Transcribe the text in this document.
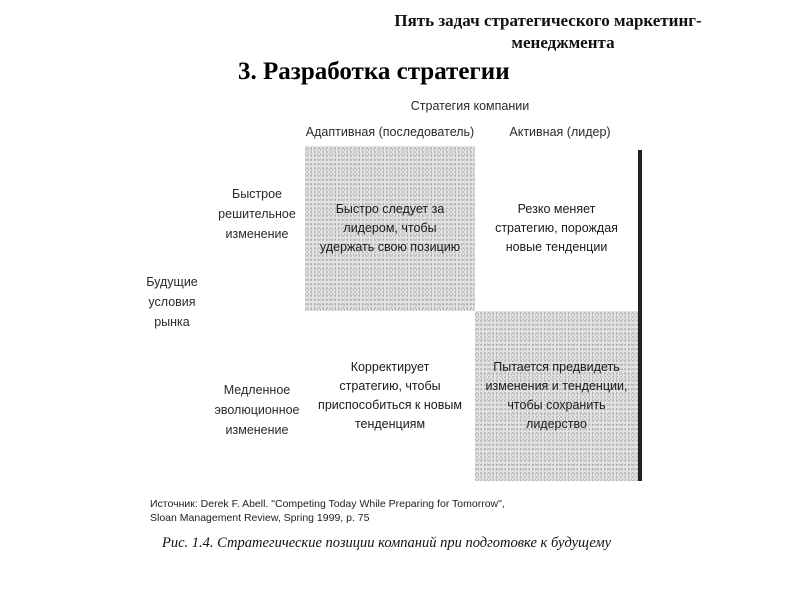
Пять задач стратегического маркетинг-
менеджмента
3. Разработка стратегии
Стратегия компании
Адаптивная (последователь)	Активная (лидер)
Будущие
условия
рынка
Быстрое
решительное
изменение
Медленное
эволюционное
изменение
Быстро следует за
лидером, чтобы
удержать свою позицию
Резко меняет
стратегию, порождая
новые тенденции
Корректирует
стратегию, чтобы
приспособиться к новым
тенденциям
Пытается предвидеть
изменения и тенденции,
чтобы сохранить
лидерство
Источник: Derek F. Abell. "Competing Today While Preparing for Tomorrow",
Sloan Management Review, Spring 1999, p. 75
Рис. 1.4. Стратегические позиции компаний при подготовке к будущему
